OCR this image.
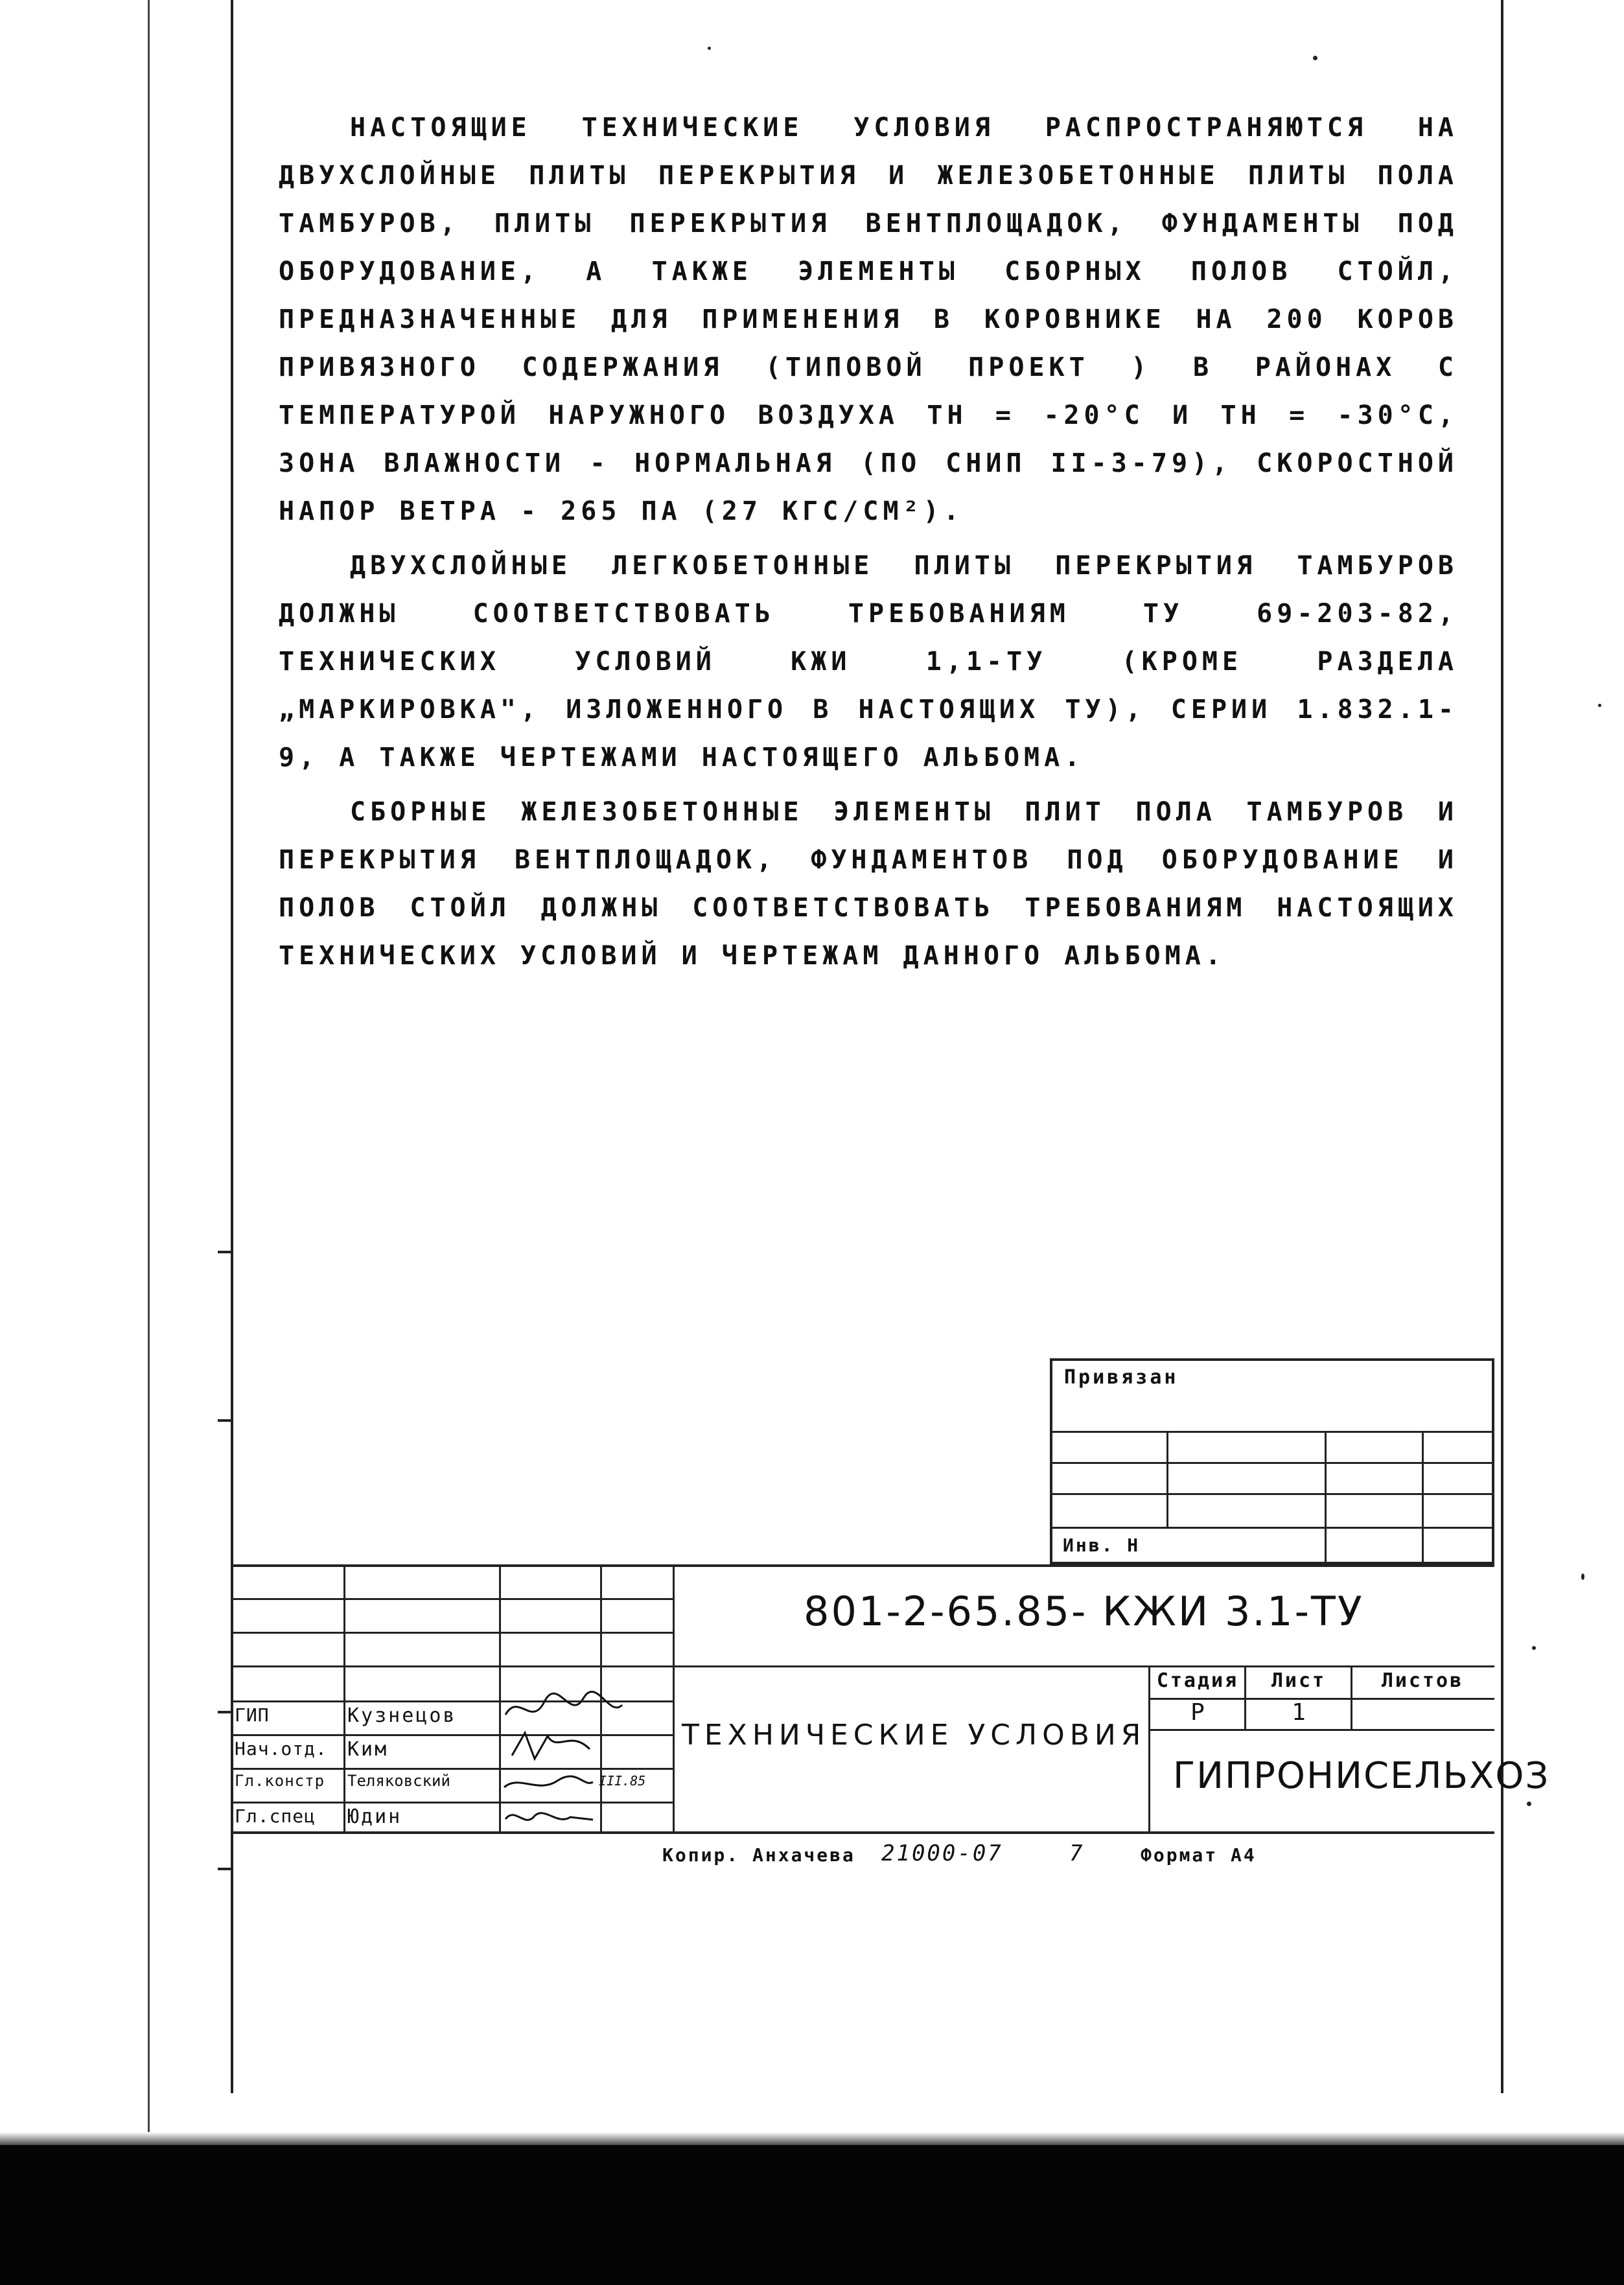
НАСТОЯЩИЕ ТЕХНИЧЕСКИЕ УСЛОВИЯ РАСПРОСТРАНЯЮТСЯ НА ДВУХСЛОЙНЫЕ ПЛИТЫ ПЕРЕКРЫТИЯ И ЖЕЛЕЗОБЕТОННЫЕ ПЛИТЫ ПОЛА ТАМБУРОВ, ПЛИТЫ ПЕРЕКРЫТИЯ ВЕНТПЛОЩАДОК, ФУНДАМЕНТЫ ПОД ОБОРУДОВАНИЕ, А ТАКЖЕ ЭЛЕМЕНТЫ СБОРНЫХ ПОЛОВ СТОЙЛ, ПРЕДНАЗНАЧЕННЫЕ ДЛЯ ПРИМЕНЕНИЯ В КОРОВНИКЕ НА 200 КОРОВ ПРИВЯЗНОГО СОДЕРЖАНИЯ (ТИПОВОЙ ПРОЕКТ ) В РАЙОНАХ С ТЕМПЕРАТУРОЙ НАРУЖНОГО ВОЗДУХА TН = -20°С И TН = -30°С, ЗОНА ВЛАЖНОСТИ - НОРМАЛЬНАЯ (ПО СНИП II-3-79), СКОРОСТНОЙ НАПОР ВЕТРА - 265 ПА (27 КГС/СМ²).

ДВУХСЛОЙНЫЕ ЛЕГКОБЕТОННЫЕ ПЛИТЫ ПЕРЕКРЫТИЯ ТАМБУРОВ ДОЛЖНЫ СООТВЕТСТВОВАТЬ ТРЕБОВАНИЯМ ТУ 69-203-82, ТЕХНИЧЕСКИХ УСЛОВИЙ КЖИ 1,1-ТУ (КРОМЕ РАЗДЕЛА „МАРКИРОВКА", ИЗЛОЖЕННОГО В НАСТОЯЩИХ ТУ), СЕРИИ 1.832.1-9, А ТАКЖЕ ЧЕРТЕЖАМИ НАСТОЯЩЕГО АЛЬБОМА.

СБОРНЫЕ ЖЕЛЕЗОБЕТОННЫЕ ЭЛЕМЕНТЫ ПЛИТ ПОЛА ТАМБУРОВ И ПЕРЕКРЫТИЯ ВЕНТПЛОЩАДОК, ФУНДАМЕНТОВ ПОД ОБОРУДОВАНИЕ И ПОЛОВ СТОЙЛ ДОЛЖНЫ СООТВЕТСТВОВАТЬ ТРЕБОВАНИЯМ НАСТОЯЩИХ ТЕХНИЧЕСКИХ УСЛОВИЙ И ЧЕРТЕЖАМ ДАННОГО АЛЬБОМА.

Привязан
Инв. Н
801-2-65.85- КЖИ 3.1-ТУ
ТЕХНИЧЕСКИЕ УСЛОВИЯ
Стадия	Лист	Листов
Р	1
ГИПРОНИСЕЛЬХОЗ
ГИП	Кузнецов
Нач.отд. Ким
Гл.констр Теляковский
Гл.спец Юдин
III.85
Копир. Анхачева 21000-07	7	Формат А4
